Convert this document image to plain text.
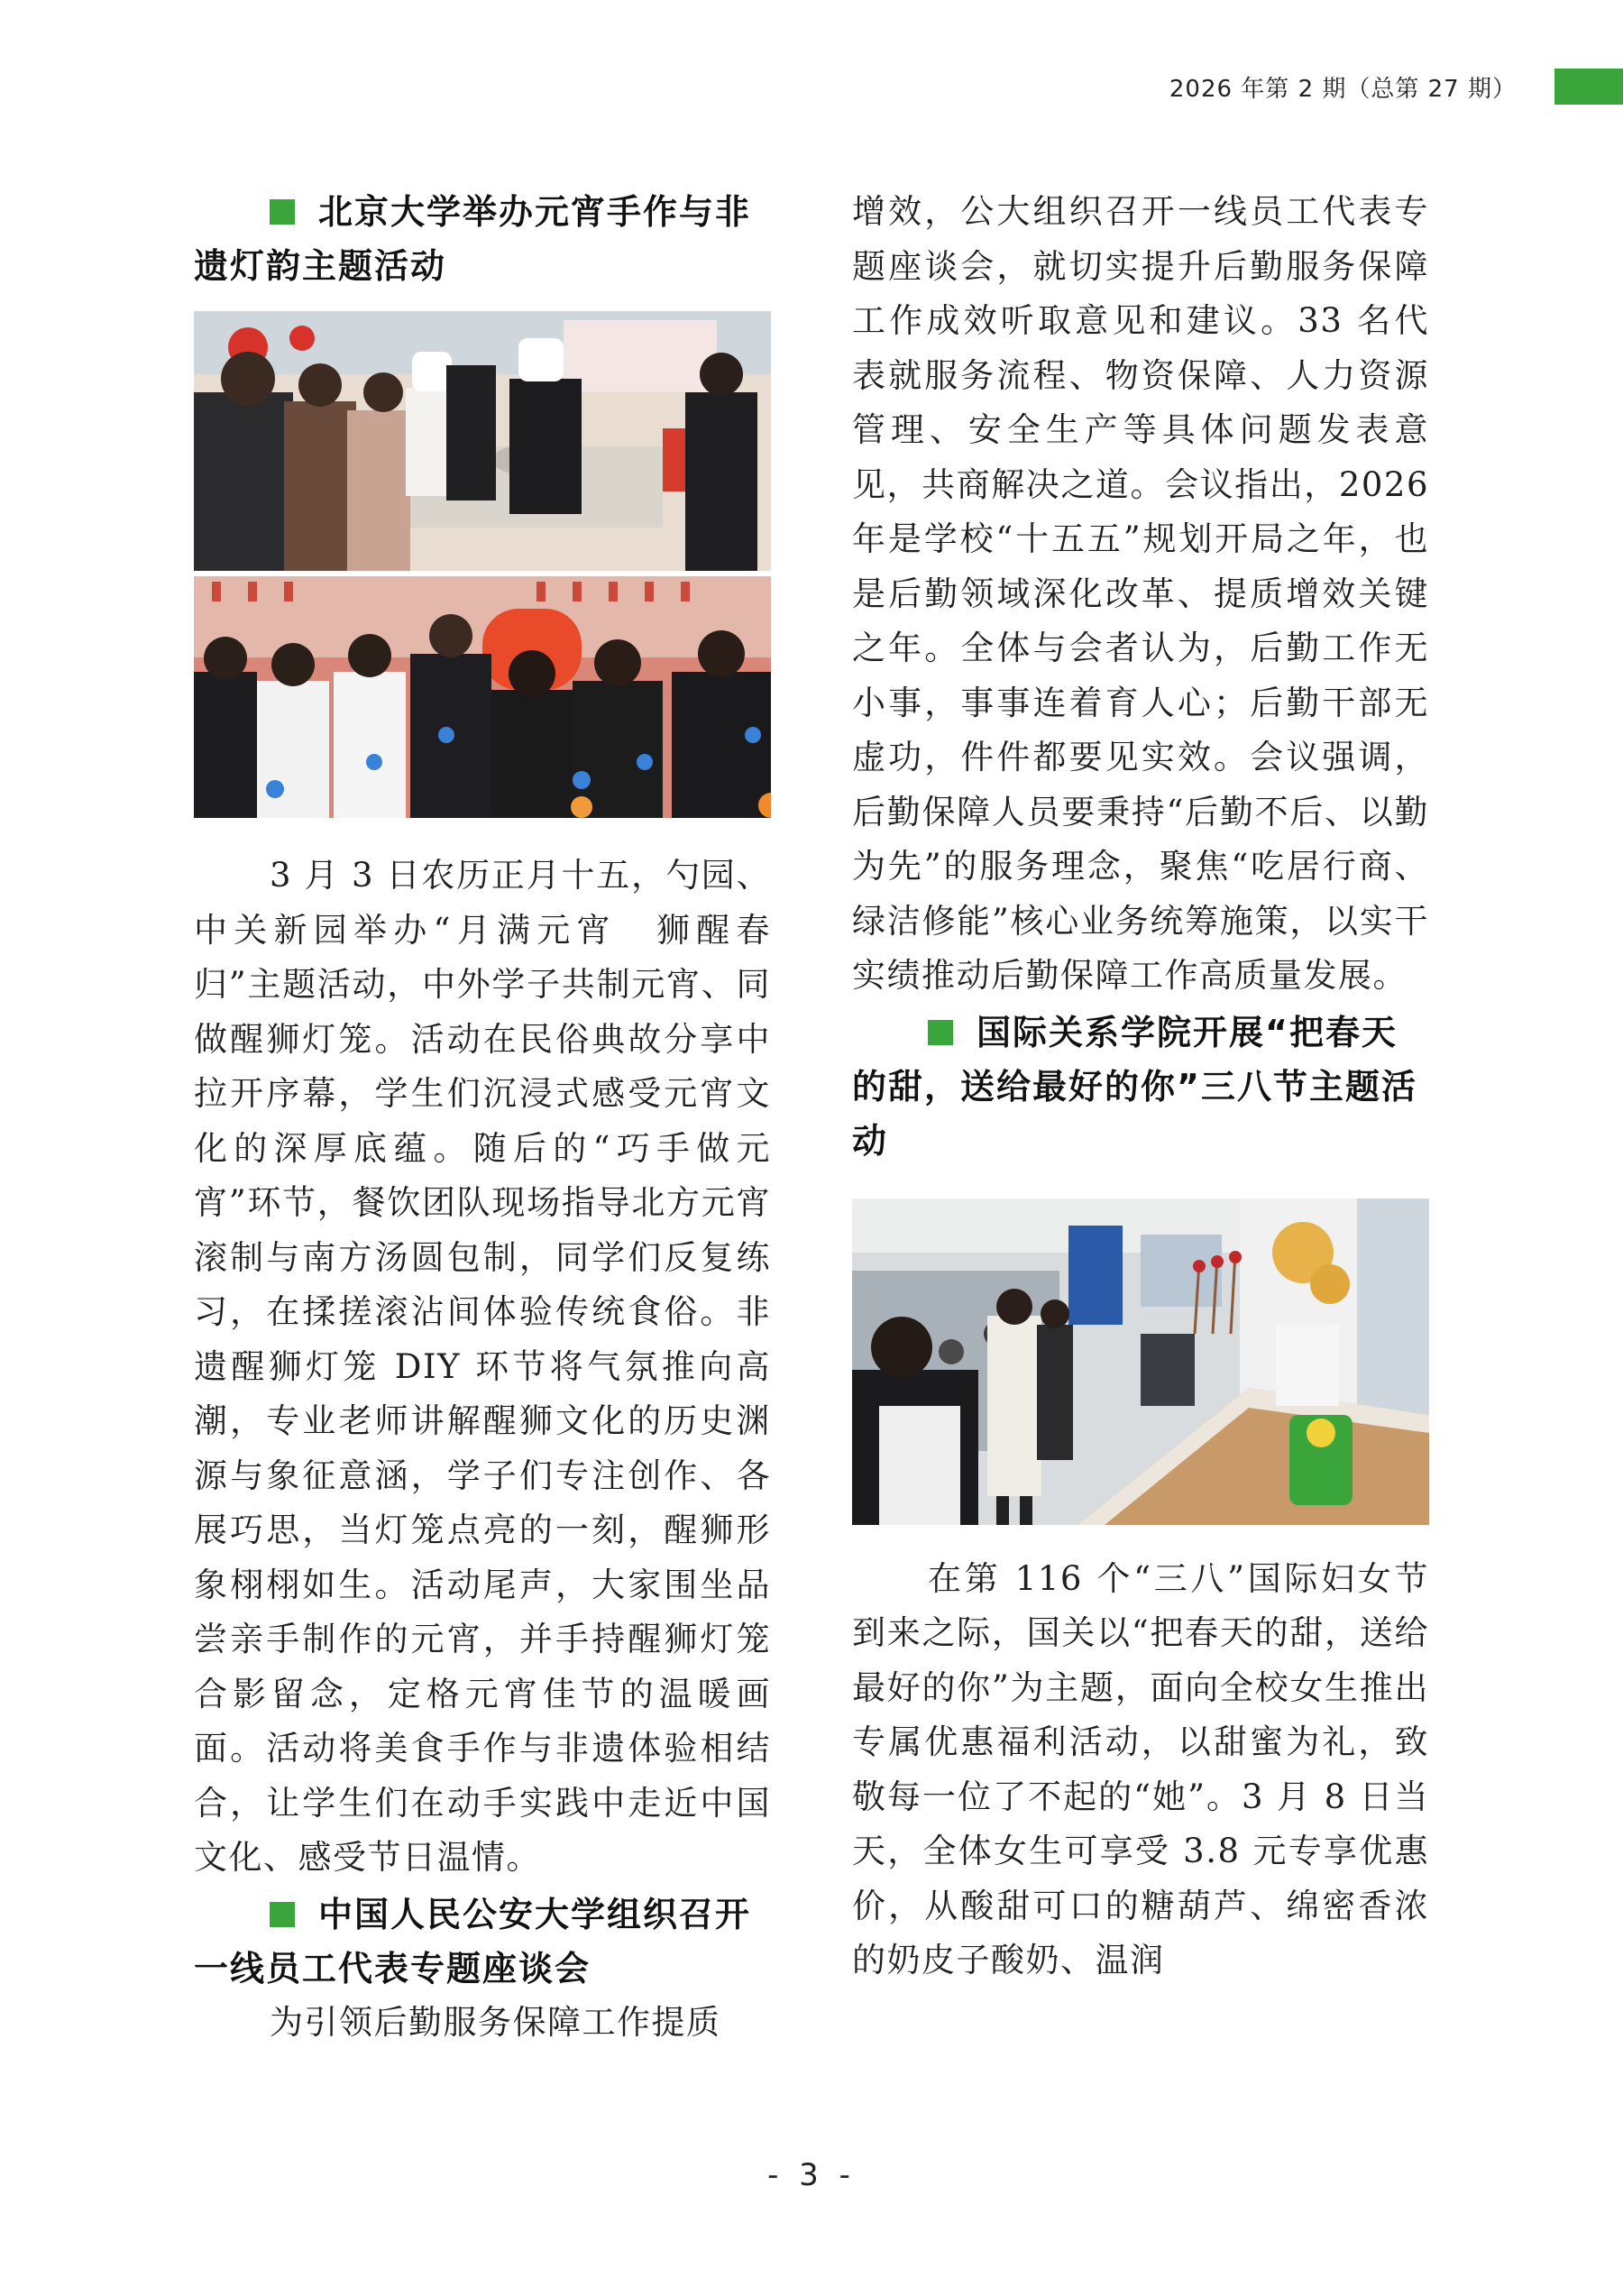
2026 年第 2 期（总第 27 期）
北京大学举办元宵手作与非遗灯韵主题活动

3 月 3 日农历正月十五，勺园、中关新园举办“月满元宵　狮醒春归”主题活动，中外学子共制元宵、同做醒狮灯笼。活动在民俗典故分享中拉开序幕，学生们沉浸式感受元宵文化的深厚底蕴。随后的“巧手做元宵”环节，餐饮团队现场指导北方元宵滚制与南方汤圆包制，同学们反复练习，在揉搓滚沾间体验传统食俗。非遗醒狮灯笼 DIY 环节将气氛推向高潮，专业老师讲解醒狮文化的历史渊源与象征意涵，学子们专注创作、各展巧思，当灯笼点亮的一刻，醒狮形象栩栩如生。活动尾声，大家围坐品尝亲手制作的元宵，并手持醒狮灯笼合影留念，定格元宵佳节的温暖画面。活动将美食手作与非遗体验相结合，让学生们在动手实践中走近中国文化、感受节日温情。

中国人民公安大学组织召开一线员工代表专题座谈会

为引领后勤服务保障工作提质

增效，公大组织召开一线员工代表专题座谈会，就切实提升后勤服务保障工作成效听取意见和建议。33 名代表就服务流程、物资保障、人力资源管理、安全生产等具体问题发表意见，共商解决之道。会议指出，2026 年是学校“十五五”规划开局之年，也是后勤领域深化改革、提质增效关键之年。全体与会者认为，后勤工作无小事，事事连着育人心；后勤干部无虚功，件件都要见实效。会议强调，后勤保障人员要秉持“后勤不后、以勤为先”的服务理念，聚焦“吃居行商、绿洁修能”核心业务统筹施策，以实干实绩推动后勤保障工作高质量发展。

国际关系学院开展“把春天的甜，送给最好的你”三八节主题活动

在第 116 个“三八”国际妇女节到来之际，国关以“把春天的甜，送给最好的你”为主题，面向全校女生推出专属优惠福利活动，以甜蜜为礼，致敬每一位了不起的“她”。3 月 8 日当天，全体女生可享受 3.8 元专享优惠价，从酸甜可口的糖葫芦、绵密香浓的奶皮子酸奶、温润

- 3 -
